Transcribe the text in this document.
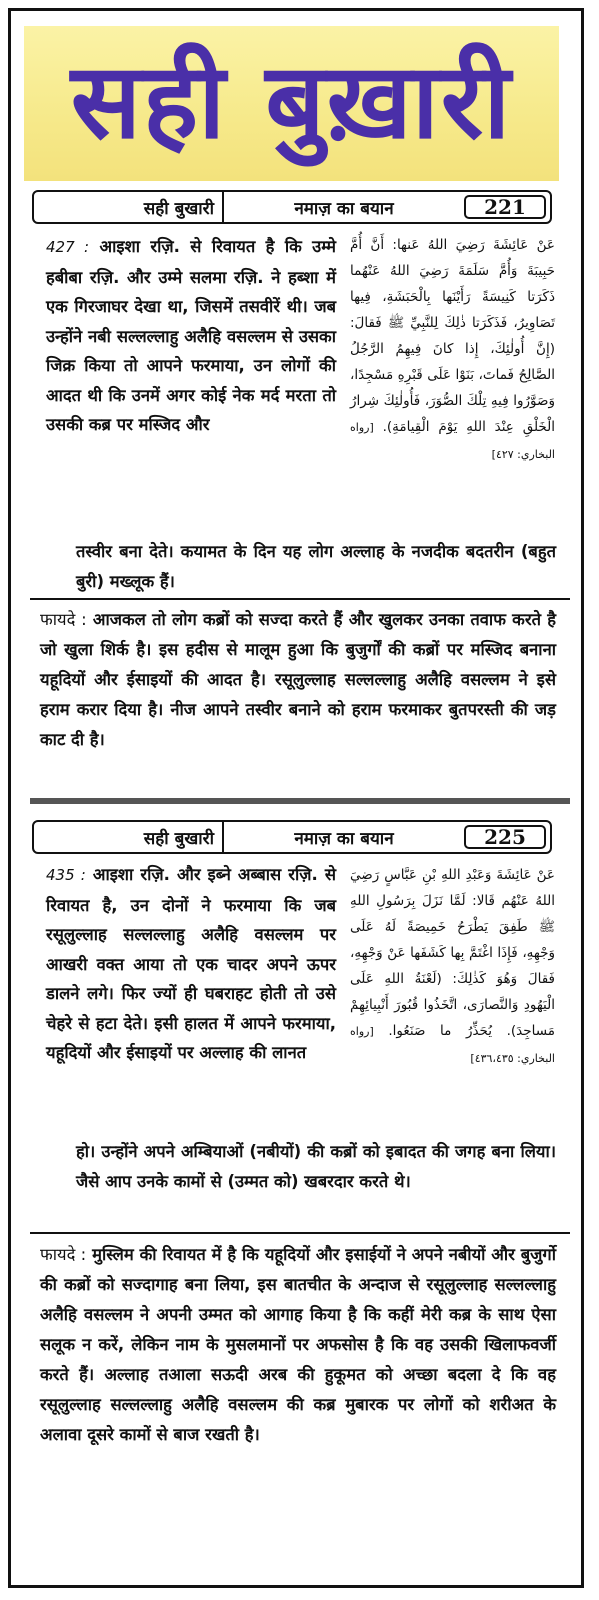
सही बुख़ारी
सही बुखारी	नमाज़ का बयान	221
427 : आइशा रज़ि. से रिवायत है कि उम्मे हबीबा रज़ि. और उम्मे सलमा रज़ि. ने हब्शा में एक गिरजाघर देखा था, जिसमें तसवीरें थी। जब उन्होंने नबी सल्लल्लाहु अलैहि वसल्लम से उसका जिक्र किया तो आपने फरमाया, उन लोगों की आदत थी कि उनमें अगर कोई नेक मर्द मरता तो उसकी कब्र पर मस्जिद और
عَنْ عَائِشَةَ رَضِيَ اللهُ عَنها: أَنَّ أُمَّ حَبِيبَةَ وَأُمَّ سَلَمَةَ رَضِيَ اللهُ عَنْهُما ذَكَرَتا كَنِيسَةً رَأَيْنَها بِالْحَبَشَةِ، فِيها تَصَاوِيرُ، فَذَكَرَتا ذٰلِكَ لِلنَّبِيِّ ﷺ فَقالَ: (إِنَّ أُولٰئِكَ، إِذا كانَ فِيهِمُ الرَّجُلُ الصَّالِحُ فَماتَ، بَنَوْا عَلَى قَبْرِهِ مَسْجِدًا، وَصَوَّرُوا فِيهِ تِلْكَ الصُّوَرَ، فَأُولٰئِكَ شِرارُ الْخَلْقِ عِنْدَ اللهِ يَوْمَ الْقِيامَةِ). [رواه البخاري: ٤٢٧]
तस्वीर बना देते। कयामत के दिन यह लोग अल्लाह के नजदीक बदतरीन (बहुत बुरी) मख्लूक हैं।
फायदे : आजकल तो लोग कब्रों को सज्दा करते हैं और खुलकर उनका तवाफ करते है जो खुला शिर्क है। इस हदीस से मालूम हुआ कि बुजुर्गों की कब्रों पर मस्जिद बनाना यहूदियों और ईसाइयों की आदत है। रसूलुल्लाह सल्लल्लाहु अलैहि वसल्लम ने इसे हराम करार दिया है। नीज आपने तस्वीर बनाने को हराम फरमाकर बुतपरस्ती की जड़ काट दी है।
सही बुखारी	नमाज़ का बयान	225
435 : आइशा रज़ि. और इब्ने अब्बास रज़ि. से रिवायत है, उन दोनों ने फरमाया कि जब रसूलुल्लाह सल्लल्लाहु अलैहि वसल्लम पर आखरी वक्त आया तो एक चादर अपने ऊपर डालने लगे। फिर ज्यों ही घबराहट होती तो उसे चेहरे से हटा देते। इसी हालत में आपने फरमाया, यहूदियों और ईसाइयों पर अल्लाह की लानत
عَنْ عَائِشَةَ وَعَبْدِ اللهِ بْنِ عَبَّاسٍ رَضِيَ اللهُ عَنْهُم قَالا: لَمَّا نَزَلَ بِرَسُولِ اللهِ ﷺ طَفِقَ يَطْرَحُ خَمِيصَةً لَهُ عَلَى وَجْهِهِ، فَإِذَا اغْتَمَّ بِها كَشَفَها عَنْ وَجْهِهِ، فَقالَ وَهُوَ كَذٰلِكَ: (لَعْنَةُ اللهِ عَلَى الْيَهُودِ وَالنَّصارَى، اتَّخَذُوا قُبُورَ أَنْبِيائِهِمْ مَساجِدَ). يُحَذِّرُ ما صَنَعُوا. [رواه البخاري: ٤٣٦،٤٣٥]
हो। उन्होंने अपने अम्बियाओं (नबीयों) की कब्रों को इबादत की जगह बना लिया। जैसे आप उनके कामों से (उम्मत को) खबरदार करते थे।
फायदे : मुस्लिम की रिवायत में है कि यहूदियों और इसाईयों ने अपने नबीयों और बुजुर्गो की कब्रों को सज्दागाह बना लिया, इस बातचीत के अन्दाज से रसूलुल्लाह सल्लल्लाहु अलैहि वसल्लम ने अपनी उम्मत को आगाह किया है कि कहीं मेरी कब्र के साथ ऐसा सलूक न करें, लेकिन नाम के मुसलमानों पर अफसोस है कि वह उसकी खिलाफवर्जी करते हैं। अल्लाह तआला सऊदी अरब की हुकूमत को अच्छा बदला दे कि वह रसूलुल्लाह सल्लल्लाहु अलैहि वसल्लम की कब्र मुबारक पर लोगों को शरीअत के अलावा दूसरे कामों से बाज रखती है।
